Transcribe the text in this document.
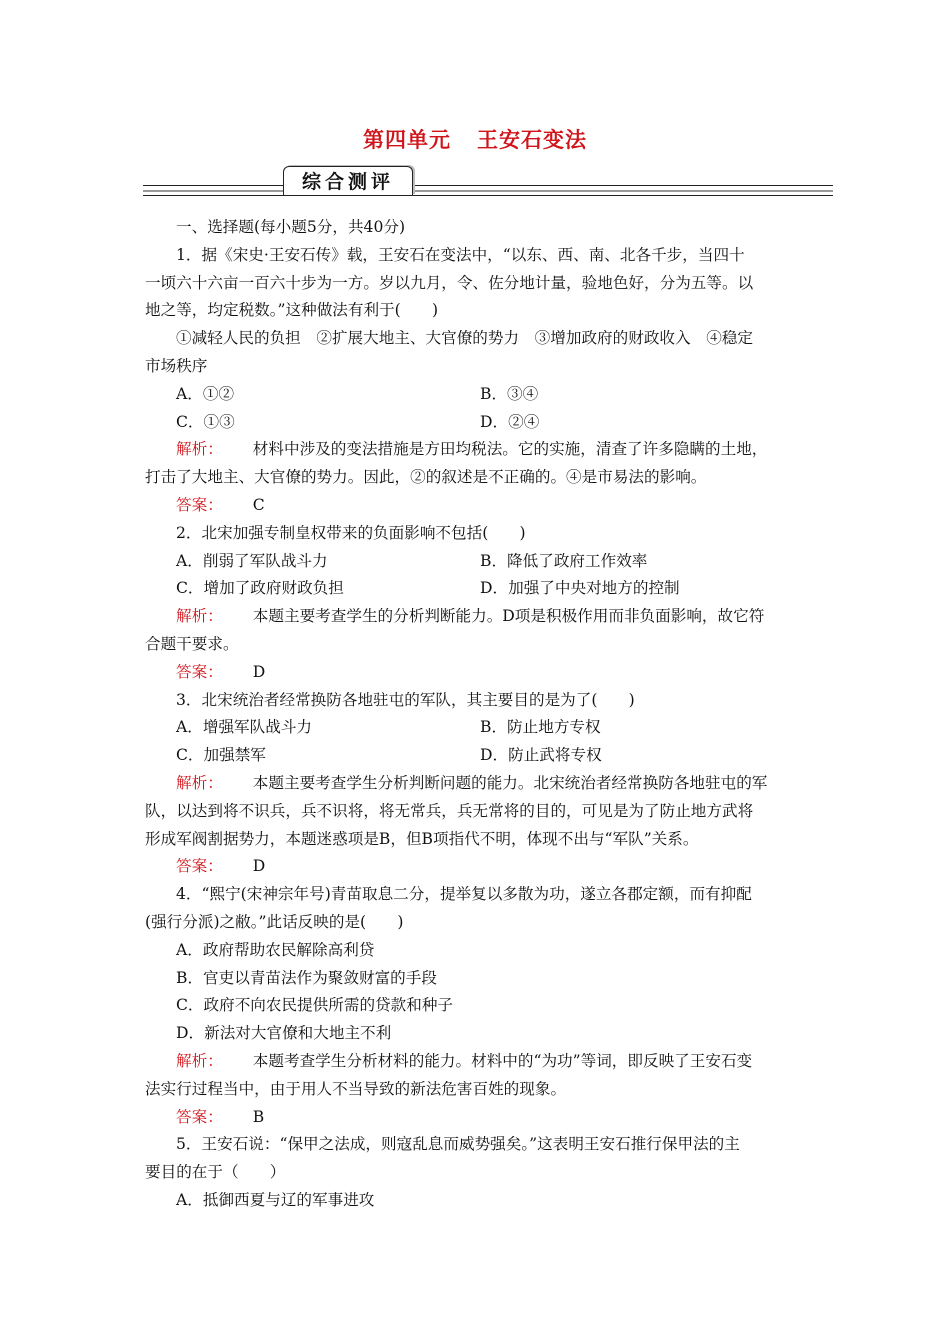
第四单元 王安石变法
综合测评
一、选择题(每小题5分，共40分)
1．据《宋史·王安石传》载，王安石在变法中，“以东、西、南、北各千步，当四十
一顷六十六亩一百六十步为一方。岁以九月，令、佐分地计量，验地色好，分为五等。以
地之等，均定税数。”这种做法有利于(　　)
①减轻人民的负担　②扩展大地主、大官僚的势力　③增加政府的财政收入　④稳定
市场秩序
A．①②	B．③④
C．①③	D．②④
解析： 材料中涉及的变法措施是方田均税法。它的实施，清查了许多隐瞒的土地，
打击了大地主、大官僚的势力。因此，②的叙述是不正确的。④是市易法的影响。
答案： C
2．北宋加强专制皇权带来的负面影响不包括(　　)
A．削弱了军队战斗力	B．降低了政府工作效率
C．增加了政府财政负担	D．加强了中央对地方的控制
解析： 本题主要考查学生的分析判断能力。D项是积极作用而非负面影响，故它符
合题干要求。
答案： D
3．北宋统治者经常换防各地驻屯的军队，其主要目的是为了(　　)
A．增强军队战斗力	B．防止地方专权
C．加强禁军	D．防止武将专权
解析： 本题主要考查学生分析判断问题的能力。北宋统治者经常换防各地驻屯的军
队，以达到将不识兵，兵不识将，将无常兵，兵无常将的目的，可见是为了防止地方武将
形成军阀割据势力，本题迷惑项是B，但B项指代不明，体现不出与“军队”关系。
答案： D
4．“熙宁(宋神宗年号)青苗取息二分，提举复以多散为功，遂立各郡定额，而有抑配
(强行分派)之敝。”此话反映的是(　　)
A．政府帮助农民解除高利贷
B．官吏以青苗法作为聚敛财富的手段
C．政府不向农民提供所需的贷款和种子
D．新法对大官僚和大地主不利
解析： 本题考查学生分析材料的能力。材料中的“为功”等词，即反映了王安石变
法实行过程当中，由于用人不当导致的新法危害百姓的现象。
答案： B
5．王安石说：“保甲之法成，则寇乱息而威势强矣。”这表明王安石推行保甲法的主
要目的在于（　　）
A．抵御西夏与辽的军事进攻
